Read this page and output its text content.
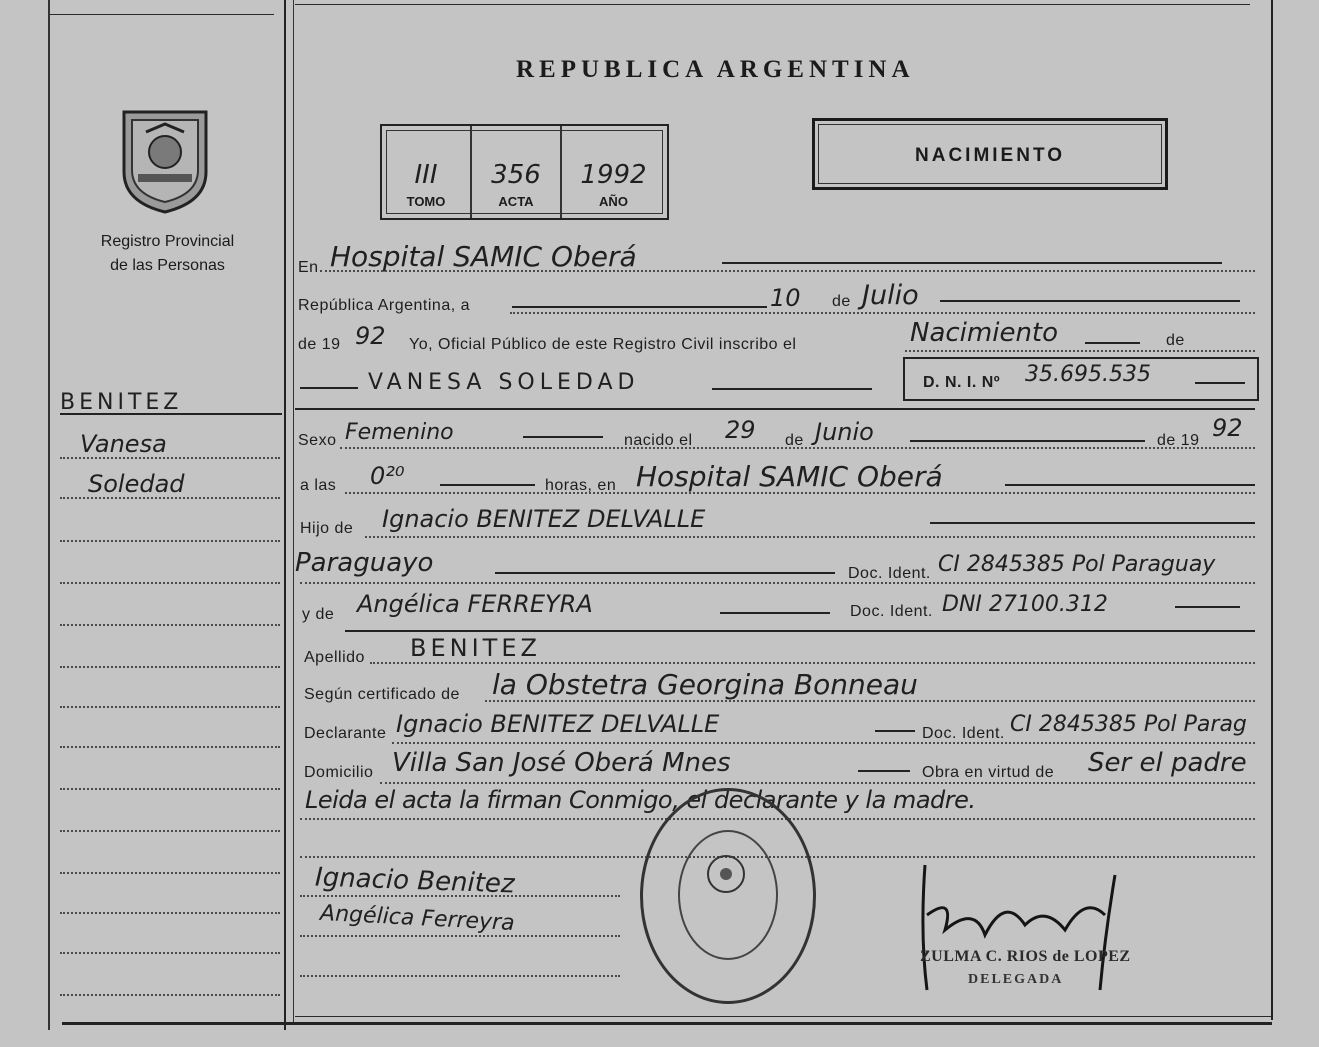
Registro Provincial
de las Personas
BENITEZ
Vanesa
Soledad
REPUBLICA ARGENTINA
III
TOMO
356
ACTA
1992
AÑO
NACIMIENTO
En Hospital SAMIC Oberá
República Argentina, a	10 de Julio
de 19 92 Yo, Oficial Público de este Registro Civil inscribo el	Nacimiento	de
VANESA SOLEDAD	D. N. I. Nº 35.695.535
Sexo Femenino	nacido el 29 de Junio	de 19 92
a las 0²⁰	horas, en Hospital SAMIC Oberá
Hijo de Ignacio BENITEZ DELVALLE
Paraguayo	Doc. Ident. CI 2845385 Pol Paraguay
y de Angélica FERREYRA	Doc. Ident. DNI 27100.312
Apellido BENITEZ
Según certificado de la Obstetra Georgina Bonneau
Declarante Ignacio BENITEZ DELVALLE	Doc. Ident. CI 2845385 Pol Parag
Domicilio Villa San José Oberá Mnes	Obra en virtud de Ser el padre
Leida el acta la firman Conmigo, el declarante y la madre.
Ignacio Benitez
Angélica Ferreyra
ZULMA C. RIOS de LOPEZ
DELEGADA
